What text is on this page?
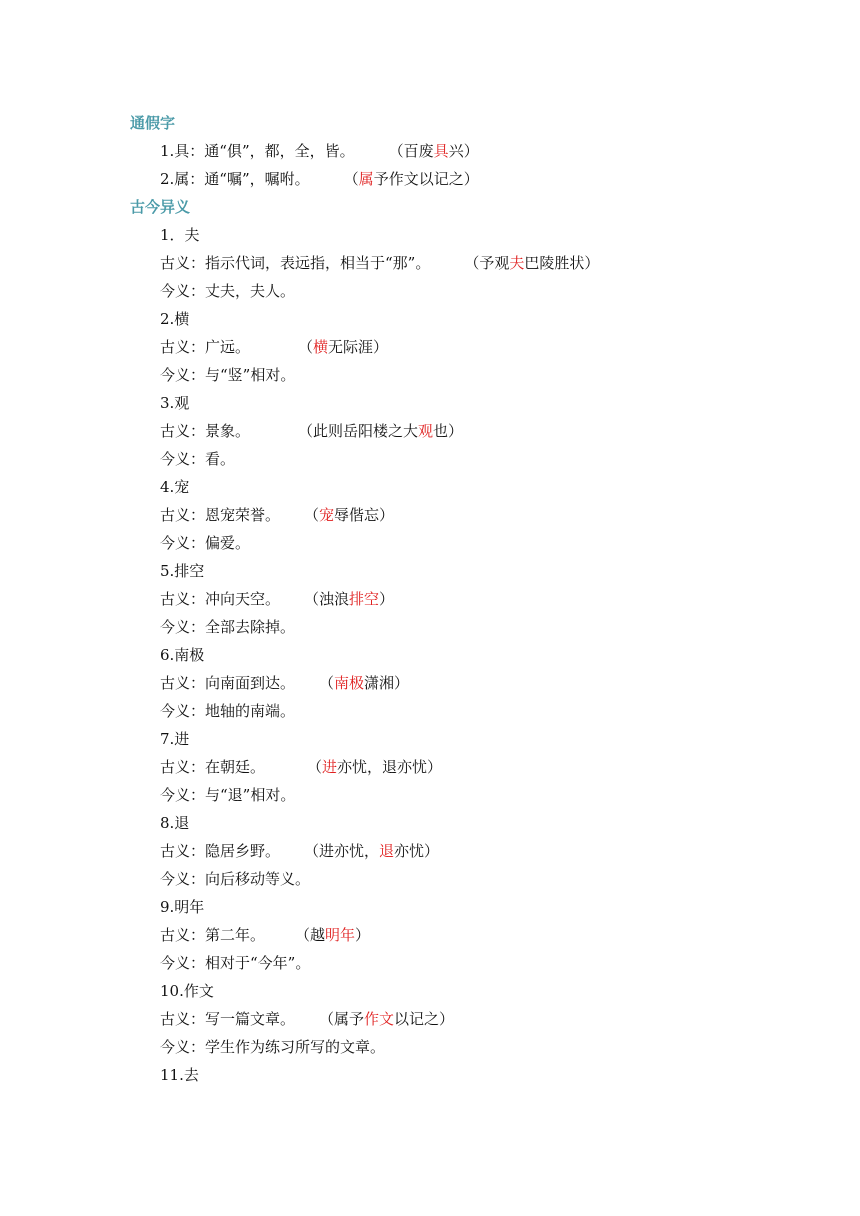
通假字
1.具：通“俱”，都，全，皆。 （百废具兴）
2.属：通“嘱”，嘱咐。 （属予作文以记之）
古今异义
1．夫
古义：指示代词，表远指，相当于“那”。 （予观夫巴陵胜状）
今义：丈夫，夫人。
2.横
古义：广远。	（横无际涯）
今义：与“竖”相对。
3.观
古义：景象。	（此则岳阳楼之大观也）
今义：看。
4.宠
古义：恩宠荣誉。 （宠辱偕忘）
今义：偏爱。
5.排空
古义：冲向天空。 （浊浪排空）
今义：全部去除掉。
6.南极
古义：向南面到达。 （南极潇湘）
今义：地轴的南端。
7.进
古义：在朝廷。	（进亦忧，退亦忧）
今义：与“退”相对。
8.退
古义：隐居乡野。 （进亦忧，退亦忧）
今义：向后移动等义。
9.明年
古义：第二年。 （越明年）
今义：相对于“今年”。
10.作文
古义：写一篇文章。 （属予作文以记之）
今义：学生作为练习所写的文章。
11.去
